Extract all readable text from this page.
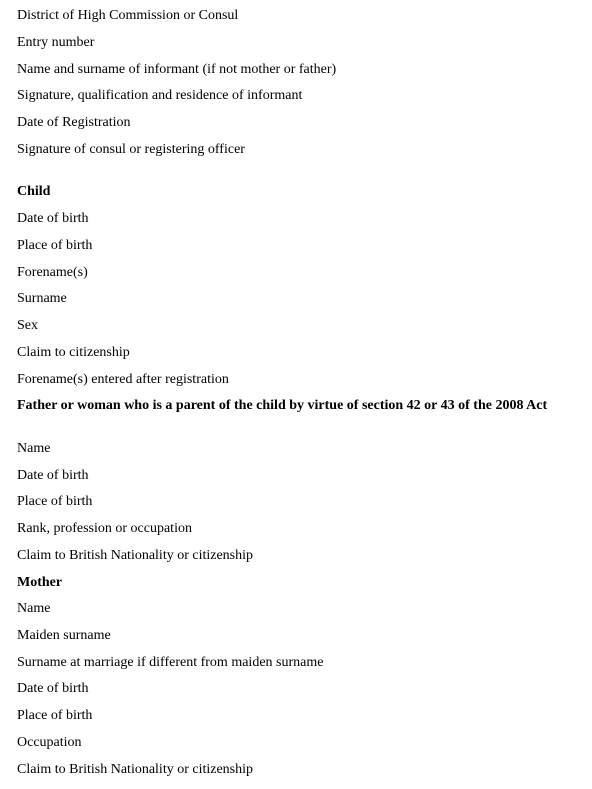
District of High Commission or Consul
Entry number
Name and surname of informant (if not mother or father)
Signature, qualification and residence of informant
Date of Registration
Signature of consul or registering officer
Child
Date of birth
Place of birth
Forename(s)
Surname
Sex
Claim to citizenship
Forename(s) entered after registration
Father or woman who is a parent of the child by virtue of section 42 or 43 of the 2008 Act
Name
Date of birth
Place of birth
Rank, profession or occupation
Claim to British Nationality or citizenship
Mother
Name
Maiden surname
Surname at marriage if different from maiden surname
Date of birth
Place of birth
Occupation
Claim to British Nationality or citizenship
